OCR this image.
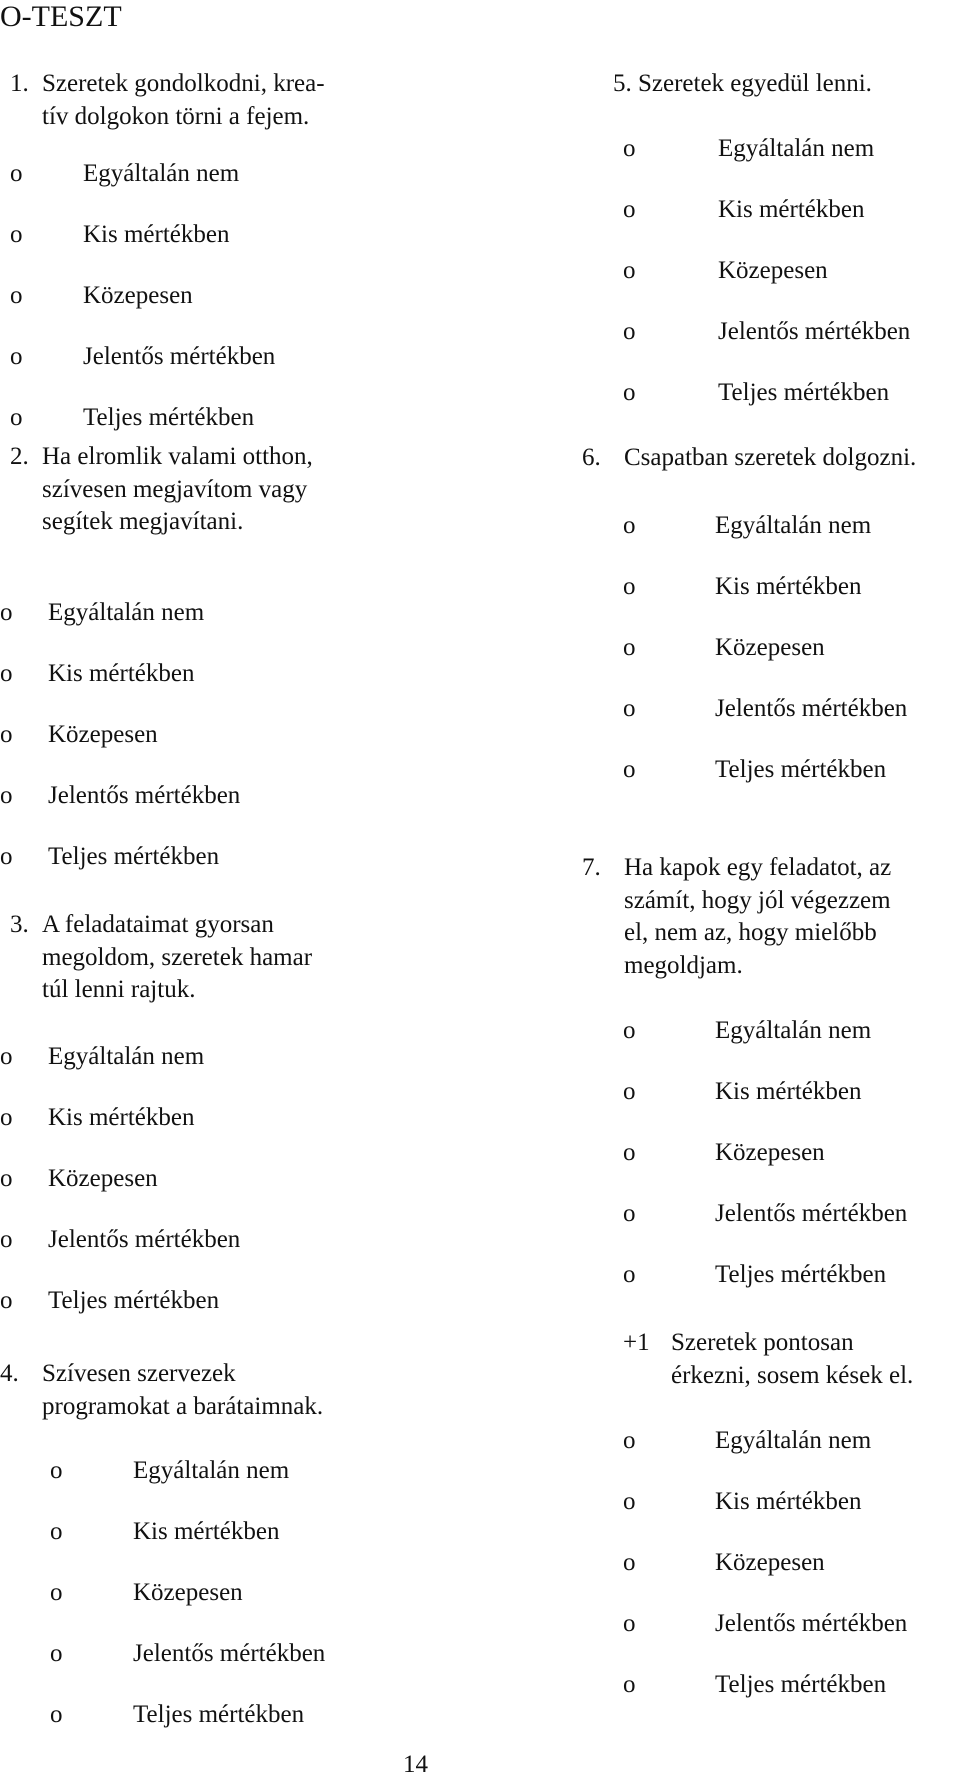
O-TESZT
1. Szeretek gondolkodni, krea-
tív dolgokon törni a fejem.
o Egyáltalán nem
o Kis mértékben
o Közepesen
o Jelentős mértékben
o Teljes mértékben
2. Ha elromlik valami otthon,
szívesen megjavítom vagy
segítek megjavítani.
o Egyáltalán nem
o Kis mértékben
o Közepesen
o Jelentős mértékben
o Teljes mértékben
3. A feladataimat gyorsan
megoldom, szeretek hamar
túl lenni rajtuk.
o Egyáltalán nem
o Kis mértékben
o Közepesen
o Jelentős mértékben
o Teljes mértékben
4. Szívesen szervezek
programokat a barátaimnak.
o	Egyáltalán nem
o	Kis mértékben
o	Közepesen
o	Jelentős mértékben
o	Teljes mértékben
5. Szeretek egyedül lenni.
o	Egyáltalán nem
o	Kis mértékben
o	Közepesen
o	Jelentős mértékben
o	Teljes mértékben
6. Csapatban szeretek dolgozni.
o	Egyáltalán nem
o	Kis mértékben
o	Közepesen
o	Jelentős mértékben
o	Teljes mértékben
7. Ha kapok egy feladatot, az
számít, hogy jól végezzem
el, nem az, hogy mielőbb
megoldjam.
o	Egyáltalán nem
o	Kis mértékben
o	Közepesen
o	Jelentős mértékben
o	Teljes mértékben
+1 Szeretek pontosan
érkezni, sosem kések el.
o	Egyáltalán nem
o	Kis mértékben
o	Közepesen
o	Jelentős mértékben
o	Teljes mértékben
14
